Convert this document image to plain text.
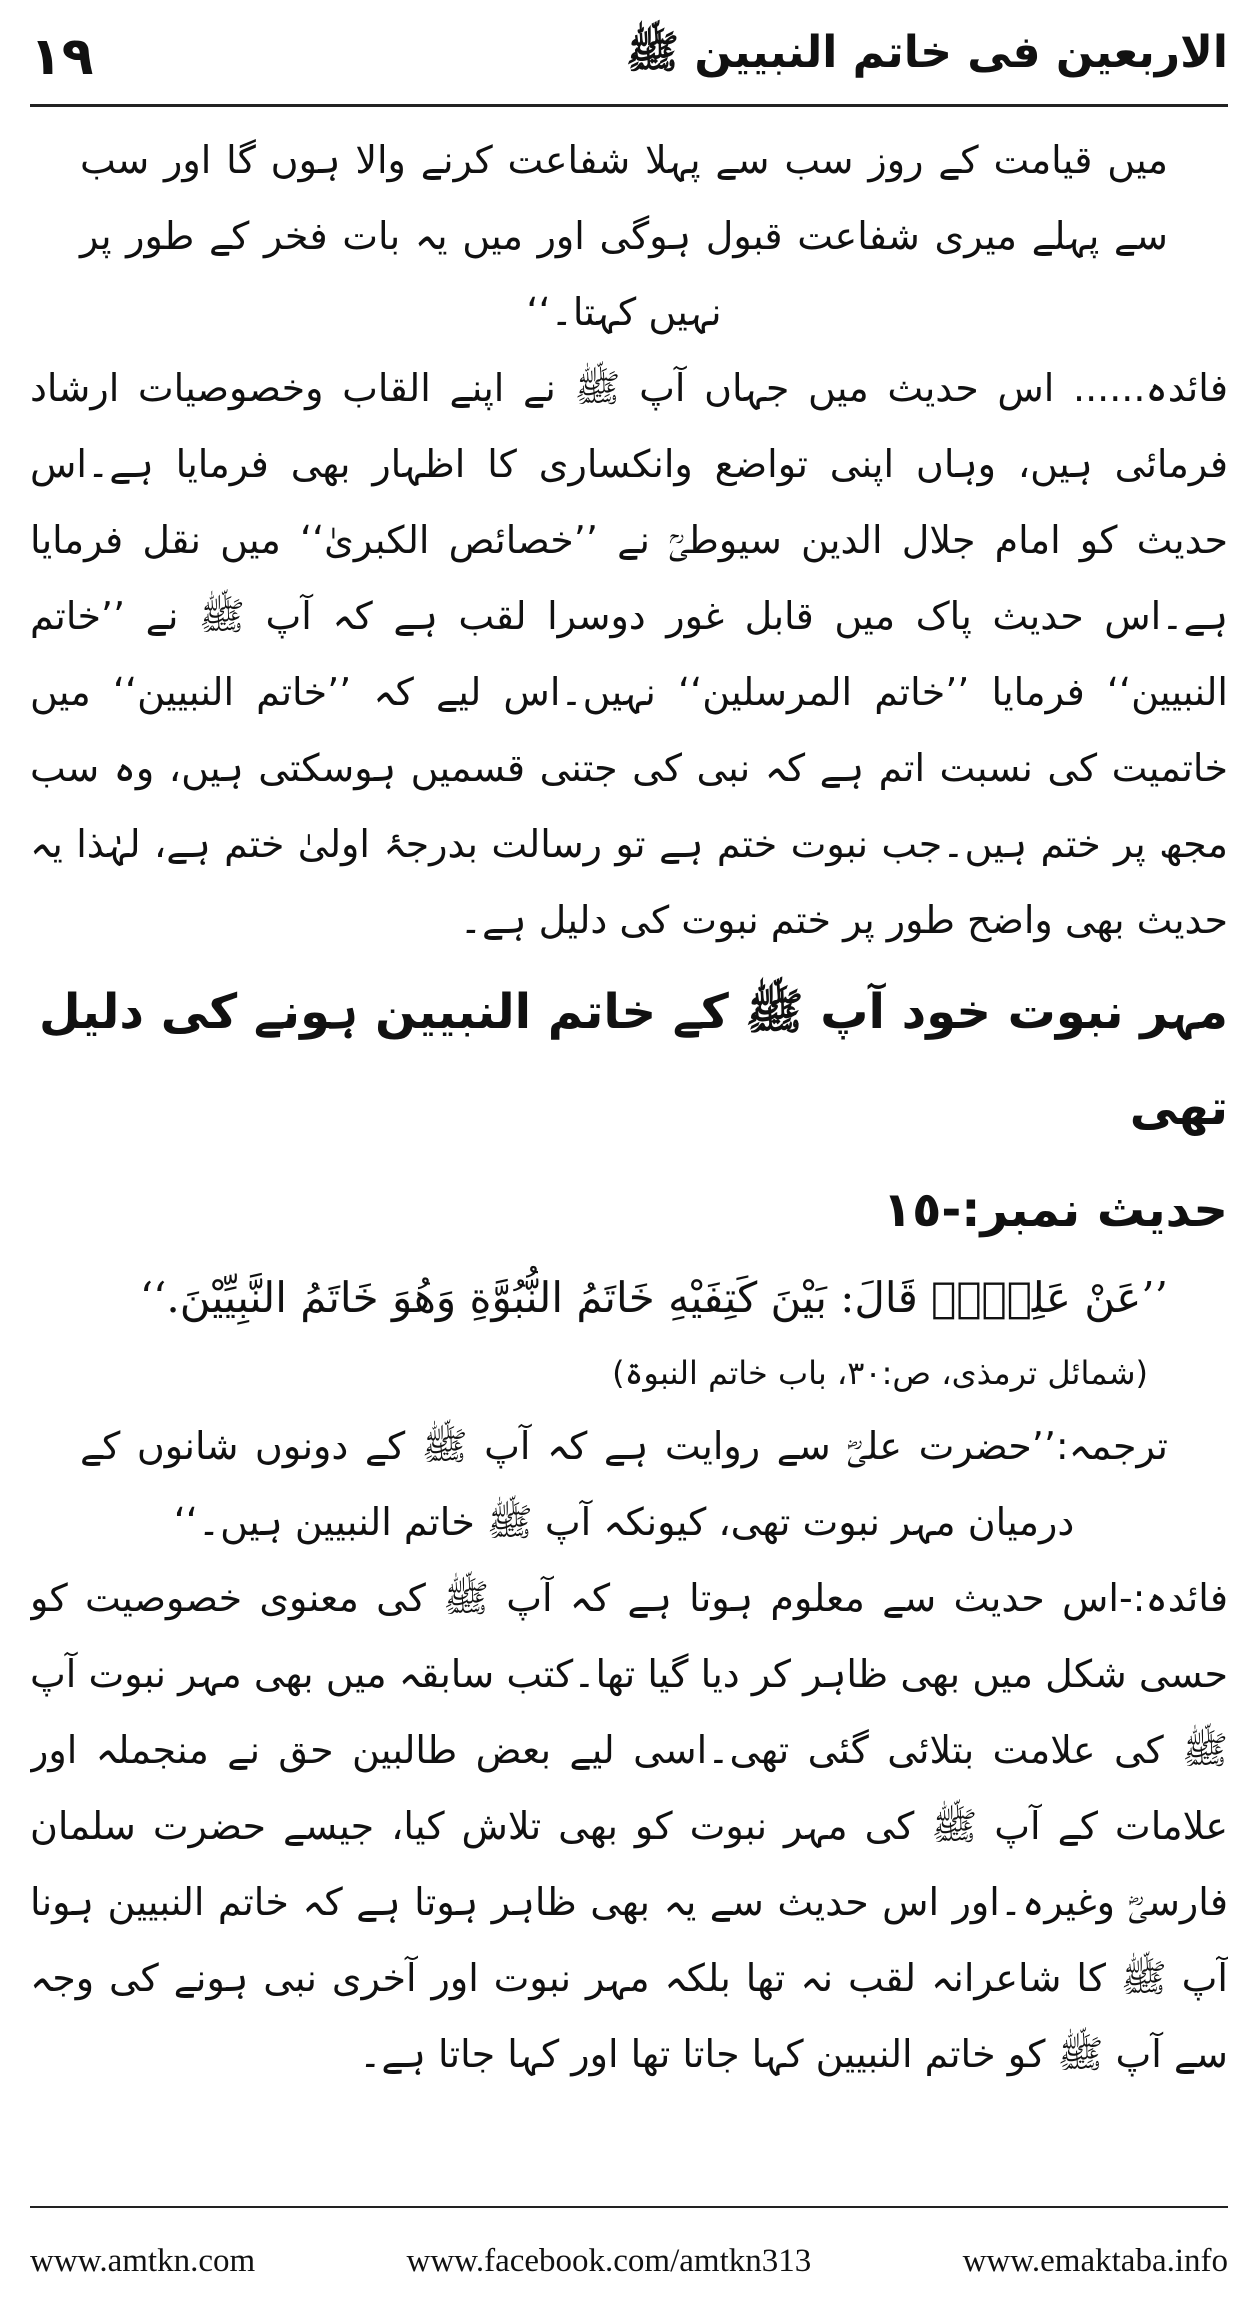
١٩	الاربعین فی خاتم النبیین ﷺ

میں قیامت کے روز سب سے پہلا شفاعت کرنے والا ہوں گا اور سب سے پہلے میری شفاعت قبول ہوگی اور میں یہ بات فخر کے طور پر نہیں کہتا۔‘‘

فائدہ...... اس حدیث میں جہاں آپ ﷺ نے اپنے القاب وخصوصیات ارشاد فرمائی ہیں، وہاں اپنی تواضع وانکساری کا اظہار بھی فرمایا ہے۔اس حدیث کو امام جلال الدین سیوطیؒ نے ’’خصائص الکبریٰ‘‘ میں نقل فرمایا ہے۔اس حدیث پاک میں قابل غور دوسرا لقب ہے کہ آپ ﷺ نے ’’خاتم النبیین‘‘ فرمایا ’’خاتم المرسلین‘‘ نہیں۔اس لیے کہ ’’خاتم النبیین‘‘ میں خاتمیت کی نسبت اتم ہے کہ نبی کی جتنی قسمیں ہوسکتی ہیں، وہ سب مجھ پر ختم ہیں۔جب نبوت ختم ہے تو رسالت بدرجۂ اولیٰ ختم ہے، لہٰذا یہ حدیث بھی واضح طور پر ختم نبوت کی دلیل ہے۔

مہر نبوت خود آپ ﷺ کے خاتم النبیین ہونے کی دلیل تھی

حدیث نمبر:-١٥

’’عَنْ عَلِيٍّؓ قَالَ: بَيْنَ كَتِفَيْهِ خَاتَمُ النُّبُوَّةِ وَهُوَ خَاتَمُ النَّبِيِّيْنَ.‘‘

(شمائل ترمذی، ص:٣٠، باب خاتم النبوۃ)

ترجمہ:’’حضرت علیؓ سے روایت ہے کہ آپ ﷺ کے دونوں شانوں کے درمیان مہر نبوت تھی، کیونکہ آپ ﷺ خاتم النبیین ہیں۔‘‘

فائدہ:-اس حدیث سے معلوم ہوتا ہے کہ آپ ﷺ کی معنوی خصوصیت کو حسی شکل میں بھی ظاہر کر دیا گیا تھا۔کتب سابقہ میں بھی مہر نبوت آپ ﷺ کی علامت بتلائی گئی تھی۔اسی لیے بعض طالبین حق نے منجملہ اور علامات کے آپ ﷺ کی مہر نبوت کو بھی تلاش کیا، جیسے حضرت سلمان فارسیؓ وغیرہ۔اور اس حدیث سے یہ بھی ظاہر ہوتا ہے کہ خاتم النبیین ہونا آپ ﷺ کا شاعرانہ لقب نہ تھا بلکہ مہر نبوت اور آخری نبی ہونے کی وجہ سے آپ ﷺ کو خاتم النبیین کہا جاتا تھا اور کہا جاتا ہے۔

www.amtkn.com	www.facebook.com/amtkn313	www.emaktaba.info
